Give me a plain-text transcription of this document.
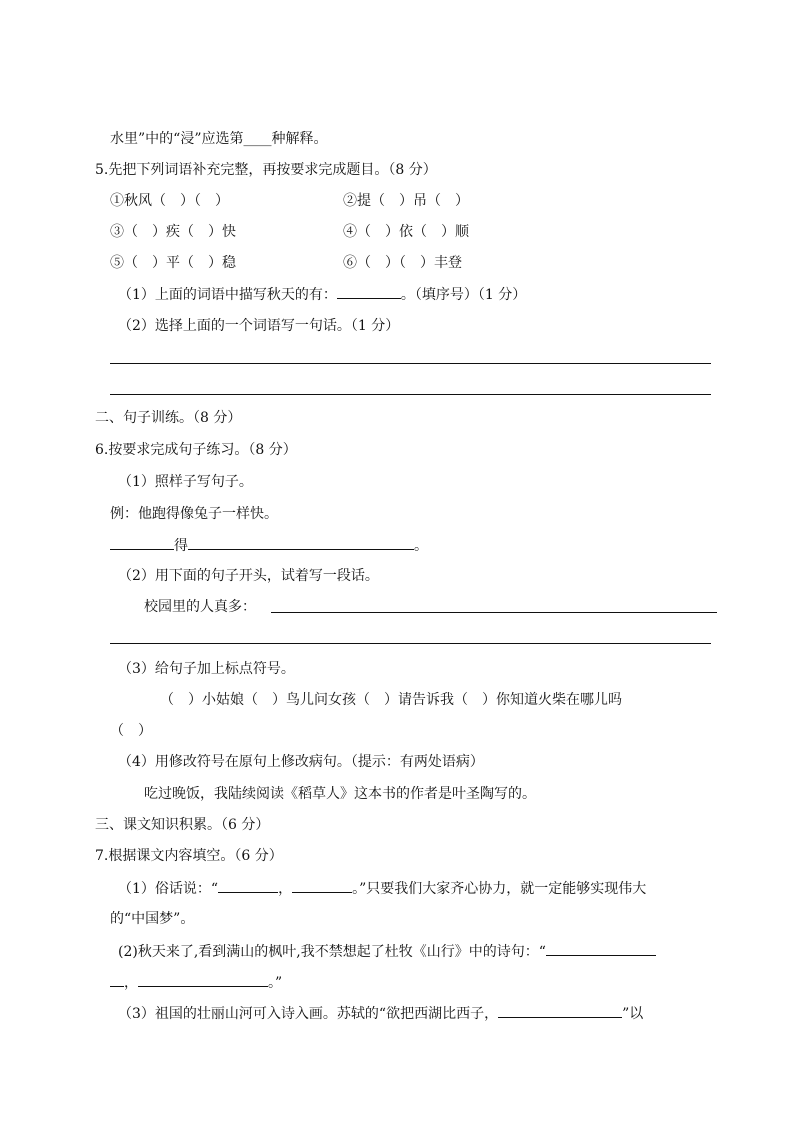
水里”中的“浸”应选第____种解释。
5.先把下列词语补充完整，再按要求完成题目。（8 分）
①秋风（　）（　）	②提（　）吊（　）
③（　）疾（　）快	④（　）依（　）顺
⑤（　）平（　）稳	⑥（　）（　）丰登
（1）上面的词语中描写秋天的有：	。（填序号）（1 分）
（2）选择上面的一个词语写一句话。（1 分）
二、句子训练。（8 分）
6.按要求完成句子练习。（8 分）
（1）照样子写句子。
例：他跑得像兔子一样快。
得	。
（2）用下面的句子开头，试着写一段话。
校园里的人真多：
（3）给句子加上标点符号。
（　）小姑娘（　）鸟儿问女孩（　）请告诉我（　）你知道火柴在哪儿吗
（　）
（4）用修改符号在原句上修改病句。（提示：有两处语病）
吃过晚饭，我陆续阅读《稻草人》这本书的作者是叶圣陶写的。
三、课文知识积累。（6 分）
7.根据课文内容填空。（6 分）
（1）俗话说：“	，	。”只要我们大家齐心协力，就一定能够实现伟大
的“中国梦”。
(2)秋天来了,看到满山的枫叶,我不禁想起了杜牧《山行》中的诗句：“
，	。”
（3）祖国的壮丽山河可入诗入画。苏轼的“欲把西湖比西子，	”以
